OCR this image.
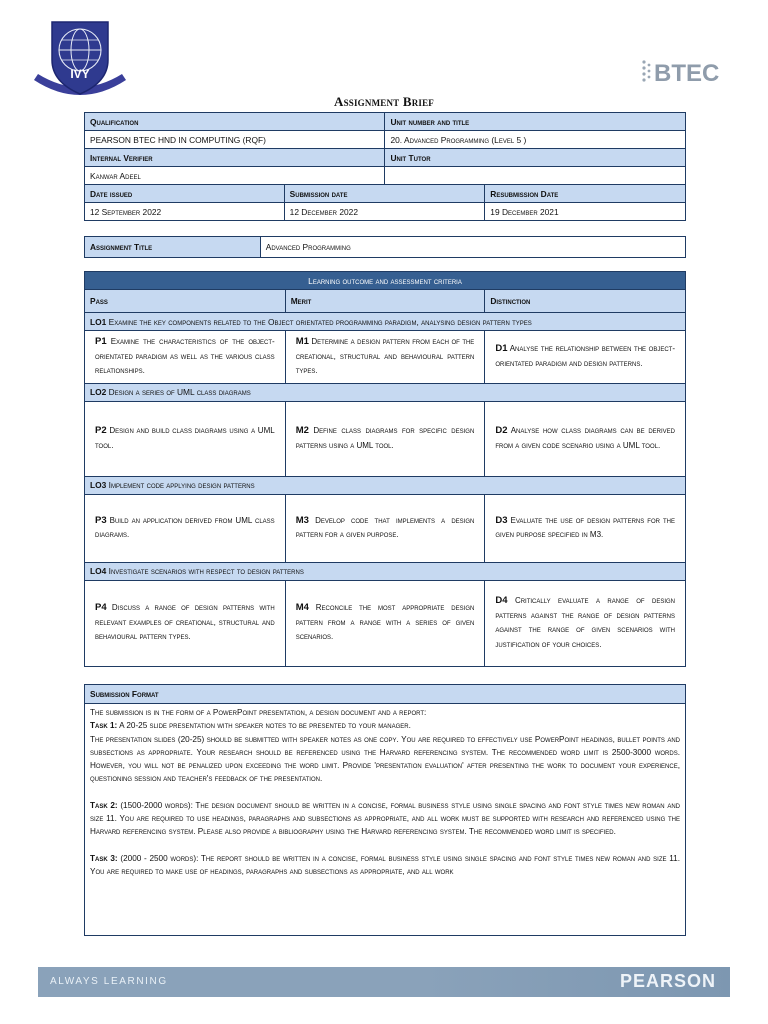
IVY	BTEC
Assignment Brief
Qualification		Unit number and title	
PEARSON BTEC HND IN COMPUTING (RQF)		20. Advanced Programming (Level 5 )	
Internal Verifier		Unit Tutor	
Kanwar Adeel			
Date issued	Submission date		Resubmission Date
12 September 2022	12 December 2022		19 December 2021
Assignment Title	Advanced Programming
Learning outcome and assessment criteria		
Pass	Merit	Distinction
LO1 Examine the key components related to the Object orientated programming paradigm, analysing design pattern types		
P1 Examine the characteristics of the object-orientated paradigm as well as the various class relationships.	M1 Determine a design pattern from each of the creational, structural and behavioural pattern types.	D1 Analyse the relationship between the object-orientated paradigm and design patterns.
LO2 Design a series of UML class diagrams		
P2 Design and build class diagrams using a UML tool.	M2 Define class diagrams for specific design patterns using a UML tool.	D2 Analyse how class diagrams can be derived from a given code scenario using a UML tool.
LO3 Implement code applying design patterns		
P3 Build an application derived from UML class diagrams.	M3 Develop code that implements a design pattern for a given purpose.	D3 Evaluate the use of design patterns for the given purpose specified in M3.
LO4 Investigate scenarios with respect to design patterns		
P4 Discuss a range of design patterns with relevant examples of creational, structural and behavioural pattern types.	M4 Reconcile the most appropriate design pattern from a range with a series of given scenarios.	D4 Critically evaluate a range of design patterns against the range of design patterns against the range of given scenarios with justification of your choices.
Submission Format

The submission is in the form of a PowerPoint presentation, a design document and a report:

Task 1: A 20-25 slide presentation with speaker notes to be presented to your manager.

The presentation slides (20-25) should be submitted with speaker notes as one copy. You are required to effectively use PowerPoint headings, bullet points and subsections as appropriate. Your research should be referenced using the Harvard referencing system. The recommended word limit is 2500-3000 words. However, you will not be penalized upon exceeding the word limit. Provide 'presentation evaluation' after presenting the work to document your experience, questioning session and teacher's feedback of the presentation.

Task 2: (1500-2000 words): The design document should be written in a concise, formal business style using single spacing and font style times new roman and size 11. You are required to use headings, paragraphs and subsections as appropriate, and all work must be supported with research and referenced using the Harvard referencing system. Please also provide a bibliography using the Harvard referencing system. The recommended word limit is specified.

Task 3: (2000 - 2500 words): The report should be written in a concise, formal business style using single spacing and font style times new roman and size 11. You are required to make use of headings, paragraphs and subsections as appropriate, and all work

ALWAYS LEARNING	PEARSON
